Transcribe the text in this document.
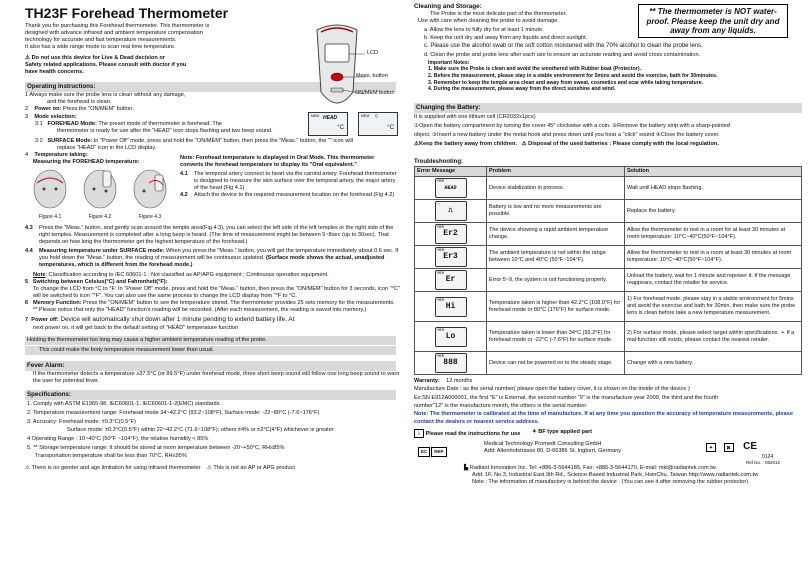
TH23F Forehead Thermometer
Thank you for purchasing this Forehead thermometer. This thermometer is
designed with advance infrared and ambient temperature compensation
technology for accurate and fast temperature measurements.
It also has a wide range mode to scan real time temperature.
⚠ Do not use this device for Live & Dead decision or
Safety related applications. Please consult with doctor if you
have health concerns.
LCD
Meas. button
ON/MEM button
Operating Instructions:
1 Always make sure the probe lens is clean without any damage,
and the forehead is clean.
2 Power on: Press the "ON/MEM" button.
3 Mode selection:
3.1 FOREHEAD Mode: The preset mode of thermometer is forehead. The
thermometer is ready for use after the "HEAD" icon stops flashing and two beep sound.
3.2 SURFACE Mode: In "Power Off" mode, press and hold the "ON/MEM" button, then press the "Meas." button, the "" icon will
replace "HEAD" icon in the LCD display.
MEM HEAD
°C
MEM ⌔
°C
4 Temperature taking:
Measuring the FOREHEAD temperature:
Figure 4.1	Figure 4.2	Figure 4.3
Note: Forehead temperature is displayed in Oral Mode. This thermometer
converts the forehead temperature to display its "Oral equivalent."
4.1	The temporal artery connect to heart via the carotid artery. Forehead thermometer is designed to measure the skin surface over the temporal artery, the major artery of the head (Fig 4.1)
4.2	Attach the device to the required measurement location on the forehead (Fig 4.2)
4.3	Press the "Meas." button, and gently scan around the temple area(Fig.4.3), you can select the left side of the left temples or the right side of the right temples. Measurement is completed after a long beep is heard. (The time of measurement might be between 5~8sec (up to 30sec). That depends on how long the thermometer get the highest temperature of the forehead.)
4.4	Measuring temperature under SURFACE mode: When you press the "Meas." button, you will get the temperature immediately about 0.6 sec. If you hold down the "Meas." button, the reading of measurement will be continuous updated. (Surface mode shows the actual, unadjusted temperatures, which is different from the forehead mode.)
Note: Classification according to IEC 60601-1 : Not classified as AP/APG equipment ; Continuous operation equipment.
5 Switching between Celsius(°C) and Fahrenheit(°F):
To change the LCD from °C to °F: In "Power Off" mode, press and hold the "Meas." button, then press the "ON/MEM" button for 3 seconds, icon "°C" will be switched to icon "°F". You can also use the same process to change the LCD display from "°F to °C.
6 Memory Function: Press the "ON/MEM" button to see the temperature stored. The thermometer provides 25 sets memory for the measurements. ** Please notice that only the "HEAD" function's reading will be recorded. (After each measurement, the reading is saved into memory.)
7 Power off: Device will automatically shut down after 1 minute pending to extend battery life. At
next power on, it will get back to the default setting of "HEAD" temperature function
Holding the thermometer too long may cause a higher ambient temperature reading of the probe.
This could make the body temperature measurement lower than usual.
Fever Alarm:
If the thermometer detects a temperature ≥37.5°C (or 99.5°F) under forehead mode, three short beep sound will follow one long beep sound to warn the user for potential fever.
Specifications:
1. Comply with ASTM E1965-98, IEC60601-1, IEC60601-1-2(EMC) standards.
2. Temperature measurement range: Forehead mode 34~42.2°C (93.2~108°F), Surface mode: -22~80°C (-7.6~176°F)
3. Accuracy: Forehead mode: ±0.3°C(0.5°F)
Surface mode: ±0.3°C(0.5°F) within 22~42.2°C (71.6~108°F); others ±4% or ±2°C(4°F) whichever is greater
4 Operating Range : 10~40°C (50°F ~104°F), the relative humidity < 85%
5. ** Storage temperature range: It should be stored at room temperature between -20~+50°C, RH≤85%
Transportation temperature shall be less than 70°C, RH≤95%
⚠ There is no gender and age limitation for using infrared thermometer ⚠ This is not an AP or APG product
Cleaning and Storage:
The Probe is the most delicate part of the thermometer.
Use with care when cleaning the probe to avoid damage.
** The thermometer is NOT water-proof. Please keep the unit dry and away from any liquids.
a. Allow the lens to fully dry for at least 1 minute.
b. Keep the unit dry and away from any liquids and direct sunlight.
c. Please use the alcohol swab or the soft cotton moistened with the 70% alcohol to clean the probe lens.
d. Clean the probe and probe lens after each use to ensure an accurate reading and avoid cross contamination.
Important Notes:
1. Make sure the Probe is clean and avoid the smothered with Rubber boat (Protector).
2. Before the measurement, please stay in a stable environment for 5mins and avoid the exercise, bath for 30minutes.
3. Remember to keep the temple area clean and away from sweat, cosmetics and scar while taking temperature.
4. During the measurement, please away from the direct sunshine and wind.
Changing the Battery:
It is supplied with one lithium cell (CR2032x1pcs)
①Open the battery compartment by turning the cover 45° clockwise with a coin. ②Remove the battery strip with a sharp-pointed
object. ③Insert a new battery under the metal hook and press down until you hear a "click" sound ④Close the battery cover.
⚠Keep the battery away from children. ⚠ Disposal of the used batteries : Please comply with the local regulation.
Troubleshooting:
Error Message	Problem	Solution

MEM
HEAD	Device stabilization in process.	Wait until HEAD stops flashing.

▭
⎍	Battery is low and no more measurements are possible.	Replace the battery.

MEM
Er2	The device showing a rapid ambient temperature change.	Allow the thermometer to rest in a room for at least 30 minutes at room temperature: 10°C~40°C(50°F~104°F).

MEM
Er3	The ambient temperature is not within the range between 10°C and 40°C (50°F~104°F).	Allow the thermometer to rest in a room at least 30 minutes at room temperature: 10°C~40°C(50°F~104°F).

MEM
Er	Error 5~9, the system is not functioning properly.	Unload the battery, wait for 1 minute and repower it. If the message reappears, contact the retailer for service.

MEM
Hi	Temperature taken is higher than 42.2°C (108.0°F) for forehead mode or 80°C (176°F) for surface mode.	1) For forehead mode, please stay in a stable environment for 5mins and avoid the exercise and bath for 30min, then make sure the probe lens is clean before take a new temperature measurement.

MEM
Lo	Temperature taken is lower than 34°C (93.2°F) for forehead mode or -22°C (-7.6°F) for surface mode.	2) For surface mode, please select target within specifications. ➢ If a mal-function still exists, please contact the nearest retailer.

MEM
888	Device can not be powered on to the steady stage.	Change with a new battery.
Warranty: 12 months
Manufacture Date : as the serial number( please open the battery cover, it is shown on the inside of the device )
Ex:SN E912A000001, the first "E" is External, the second number "9" is the manufacture year 2009, the third and the fourth
number"12" is the manufacture month, the others is the serial number
Note: The thermometer is calibrated at the time of manufacture. If at any time you question the accuracy of temperature measurements, please contact the dealers or nearest service address.
i Please read the instructions for use ✦ BF type applied part
EC REP
Medical Technology Promedt Consulting GmbH
Add: Altenhofstrasse 80, D-66386 St. Ingbert, Germany
▙ Radiant Innovation Inc. Tel: +886-3-5644185, Fax: +886-3-5644170, E-mail: mkt@radiantek.com.tw
Add: 1F, No.3, Industrial East 9th Rd., Science-Based Industrial Park, HsinChu, Taiwan http://www.radiantek.com.tw
Note : The information of manufactory is behind the device . (You can see it after removing the rubber protector)
✦	⊠ CE
0124
Ref No. : 082012
